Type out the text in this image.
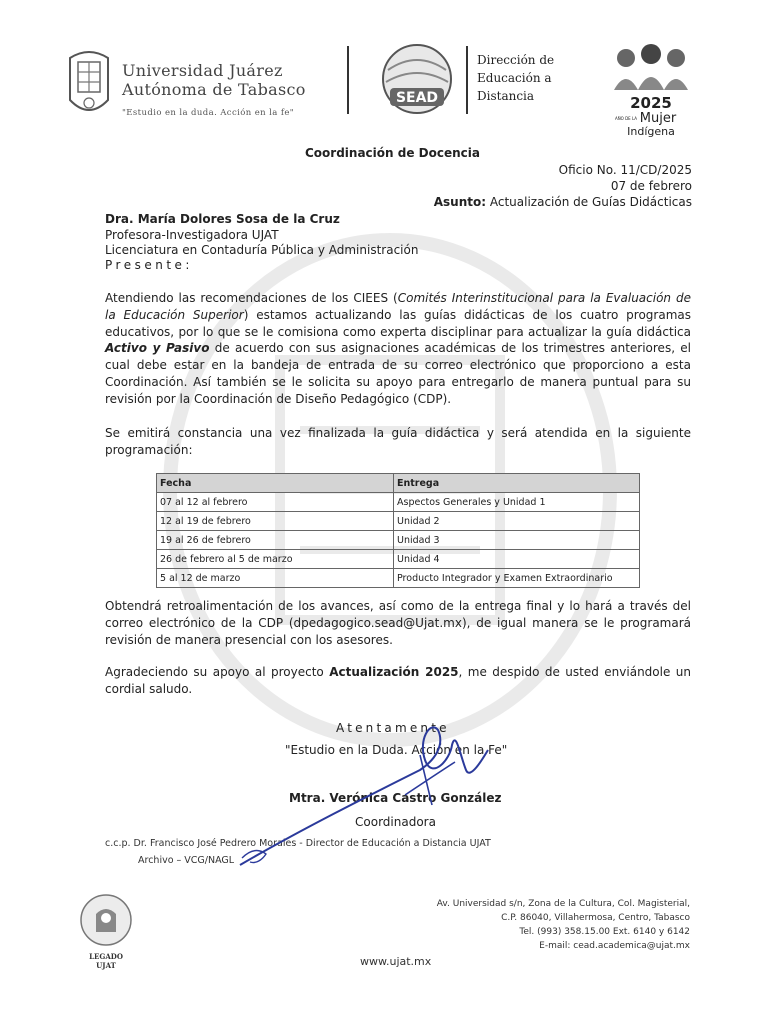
Universidad Juárez
Autónoma de Tabasco
"Estudio en la duda. Acción en la fe"
SEAD
Dirección de
Educación a
Distancia	2025
AÑO DE LA Mujer
Indígena
Coordinación de Docencia
Oficio No. 11/CD/2025
07 de febrero
Asunto: Actualización de Guías Didácticas
Dra. María Dolores Sosa de la Cruz
Profesora-Investigadora UJAT
Licenciatura en Contaduría Pública y Administración
Presente:
Atendiendo las recomendaciones de los CIEES (Comités Interinstitucional para la Evaluación de la Educación Superior) estamos actualizando las guías didácticas de los cuatro programas educativos, por lo que se le comisiona como experta disciplinar para actualizar la guía didáctica Activo y Pasivo de acuerdo con sus asignaciones académicas de los trimestres anteriores, el cual debe estar en la bandeja de entrada de su correo electrónico que proporciono a esta Coordinación. Así también se le solicita su apoyo para entregarlo de manera puntual para su revisión por la Coordinación de Diseño Pedagógico (CDP).
Se emitirá constancia una vez finalizada la guía didáctica y será atendida en la siguiente programación:
Fecha	Entrega
07 al 12 al febrero	Aspectos Generales y Unidad 1
12 al 19 de febrero	Unidad 2
19 al 26 de febrero	Unidad 3
26 de febrero al 5 de marzo	Unidad 4
5 al 12 de marzo	Producto Integrador y Examen Extraordinario
Obtendrá retroalimentación de los avances, así como de la entrega final y lo hará a través del correo electrónico de la CDP (dpedagogico.sead@Ujat.mx), de igual manera se le programará revisión de manera presencial con los asesores.
Agradeciendo su apoyo al proyecto Actualización 2025, me despido de usted enviándole un cordial saludo.
Atentamente
"Estudio en la Duda. Acción en la Fe"
Mtra. Verónica Castro González
Coordinadora
c.c.p. Dr. Francisco José Pedrero Morales - Director de Educación a Distancia UJAT
Archivo – VCG/NAGL
LEGADO
UJAT
Av. Universidad s/n, Zona de la Cultura, Col. Magisterial,
C.P. 86040, Villahermosa, Centro, Tabasco
Tel. (993) 358.15.00 Ext. 6140 y 6142
E-mail: cead.academica@ujat.mx
www.ujat.mx
